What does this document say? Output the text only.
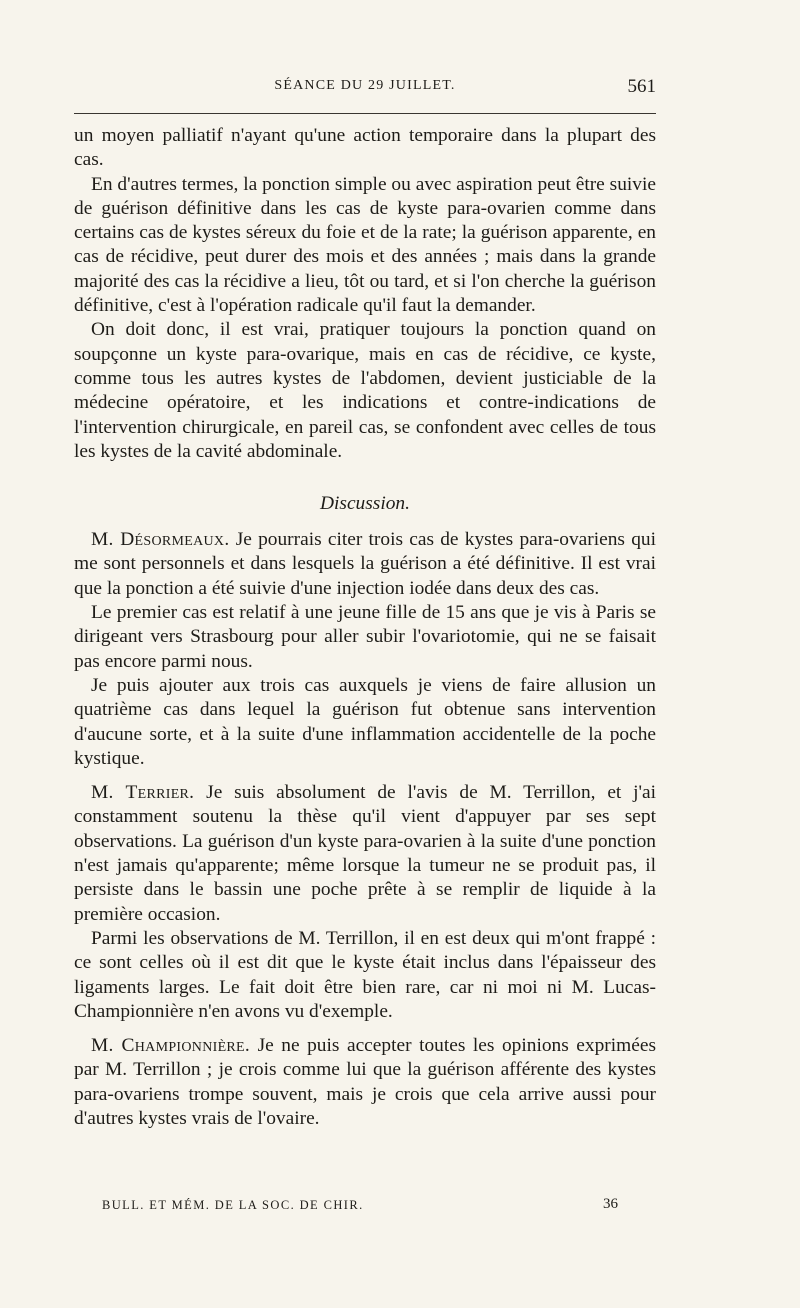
SÉANCE DU 29 JUILLET.	561

un moyen palliatif n'ayant qu'une action temporaire dans la plupart des cas.

En d'autres termes, la ponction simple ou avec aspiration peut être suivie de guérison définitive dans les cas de kyste para-ovarien comme dans certains cas de kystes séreux du foie et de la rate; la guérison apparente, en cas de récidive, peut durer des mois et des années ; mais dans la grande majorité des cas la récidive a lieu, tôt ou tard, et si l'on cherche la guérison définitive, c'est à l'opération radicale qu'il faut la demander.

On doit donc, il est vrai, pratiquer toujours la ponction quand on soupçonne un kyste para-ovarique, mais en cas de récidive, ce kyste, comme tous les autres kystes de l'abdomen, devient justiciable de la médecine opératoire, et les indications et contre-indications de l'intervention chirurgicale, en pareil cas, se confondent avec celles de tous les kystes de la cavité abdominale.

Discussion.

M. Désormeaux. Je pourrais citer trois cas de kystes para-ovariens qui me sont personnels et dans lesquels la guérison a été définitive. Il est vrai que la ponction a été suivie d'une injection iodée dans deux des cas.

Le premier cas est relatif à une jeune fille de 15 ans que je vis à Paris se dirigeant vers Strasbourg pour aller subir l'ovariotomie, qui ne se faisait pas encore parmi nous.

Je puis ajouter aux trois cas auxquels je viens de faire allusion un quatrième cas dans lequel la guérison fut obtenue sans intervention d'aucune sorte, et à la suite d'une inflammation accidentelle de la poche kystique.

M. Terrier. Je suis absolument de l'avis de M. Terrillon, et j'ai constamment soutenu la thèse qu'il vient d'appuyer par ses sept observations. La guérison d'un kyste para-ovarien à la suite d'une ponction n'est jamais qu'apparente; même lorsque la tumeur ne se produit pas, il persiste dans le bassin une poche prête à se remplir de liquide à la première occasion.

Parmi les observations de M. Terrillon, il en est deux qui m'ont frappé : ce sont celles où il est dit que le kyste était inclus dans l'épaisseur des ligaments larges. Le fait doit être bien rare, car ni moi ni M. Lucas-Championnière n'en avons vu d'exemple.

M. Championnière. Je ne puis accepter toutes les opinions exprimées par M. Terrillon ; je crois comme lui que la guérison afférente des kystes para-ovariens trompe souvent, mais je crois que cela arrive aussi pour d'autres kystes vrais de l'ovaire.

BULL. ET MÉM. DE LA SOC. DE CHIR.	36
